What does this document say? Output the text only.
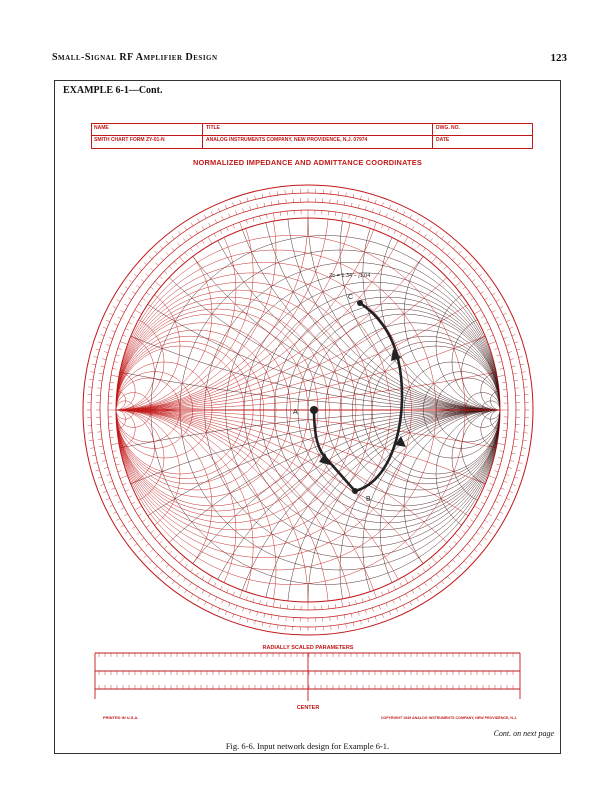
Small-Signal RF Amplifier Design	123
EXAMPLE 6-1—Cont.
NAME	TITLE	DWG. NO.
SMITH CHART FORM ZY-01-N	ANALOG INSTRUMENTS COMPANY, NEW PROVIDENCE, N.J. 07974	DATE
NORMALIZED IMPEDANCE AND ADMITTANCE COORDINATES
A
B
C
Zc = 1.34 − j1.04
RADIALLY SCALED PARAMETERS
CENTER
PRINTED IN U.S.A.	COPYRIGHT 1949 ANALOG INSTRUMENTS COMPANY, NEW PROVIDENCE, N.J.
Cont. on next page
Fig. 6-6. Input network design for Example 6-1.
